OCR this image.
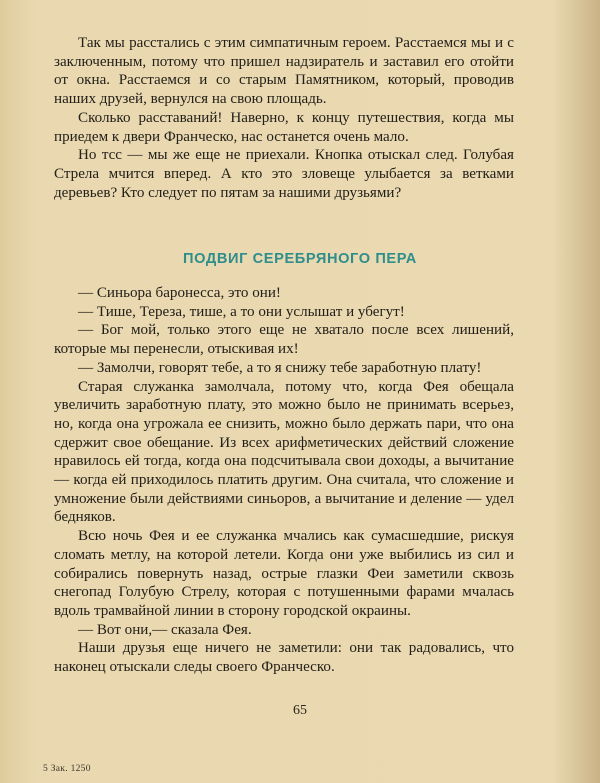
Так мы расстались с этим симпатичным героем. Расстаемся мы и с заключенным, потому что пришел надзиратель и заставил его отойти от окна. Расстаемся и со старым Памятником, который, проводив наших друзей, вернулся на свою площадь.

Сколько расставаний! Наверно, к концу путешествия, когда мы приедем к двери Франческо, нас останется очень мало.

Но тсс — мы же еще не приехали. Кнопка отыскал след. Голубая Стрела мчится вперед. А кто это зловеще улыбается за ветками деревьев? Кто следует по пятам за нашими друзьями?

ПОДВИГ СЕРЕБРЯНОГО ПЕРА

— Синьора баронесса, это они!

— Тише, Тереза, тише, а то они услышат и убегут!

— Бог мой, только этого еще не хватало после всех лишений, которые мы перенесли, отыскивая их!

— Замолчи, говорят тебе, а то я снижу тебе заработную плату!

Старая служанка замолчала, потому что, когда Фея обещала увеличить заработную плату, это можно было не принимать всерьез, но, когда она угрожала ее снизить, можно было держать пари, что она сдержит свое обещание. Из всех арифметических действий сложение нравилось ей тогда, когда она подсчитывала свои доходы, а вычитание — когда ей приходилось платить другим. Она считала, что сложение и умножение были действиями синьоров, а вычитание и деление — удел бедняков.

Всю ночь Фея и ее служанка мчались как сумасшедшие, рискуя сломать метлу, на которой летели. Когда они уже выбились из сил и собирались повернуть назад, острые глазки Феи заметили сквозь снегопад Голубую Стрелу, которая с потушенными фарами мчалась вдоль трамвайной линии в сторону городской окраины.

— Вот они,— сказала Фея.

Наши друзья еще ничего не заметили: они так радовались, что наконец отыскали следы своего Франческо.

65
5 Зак. 1250
